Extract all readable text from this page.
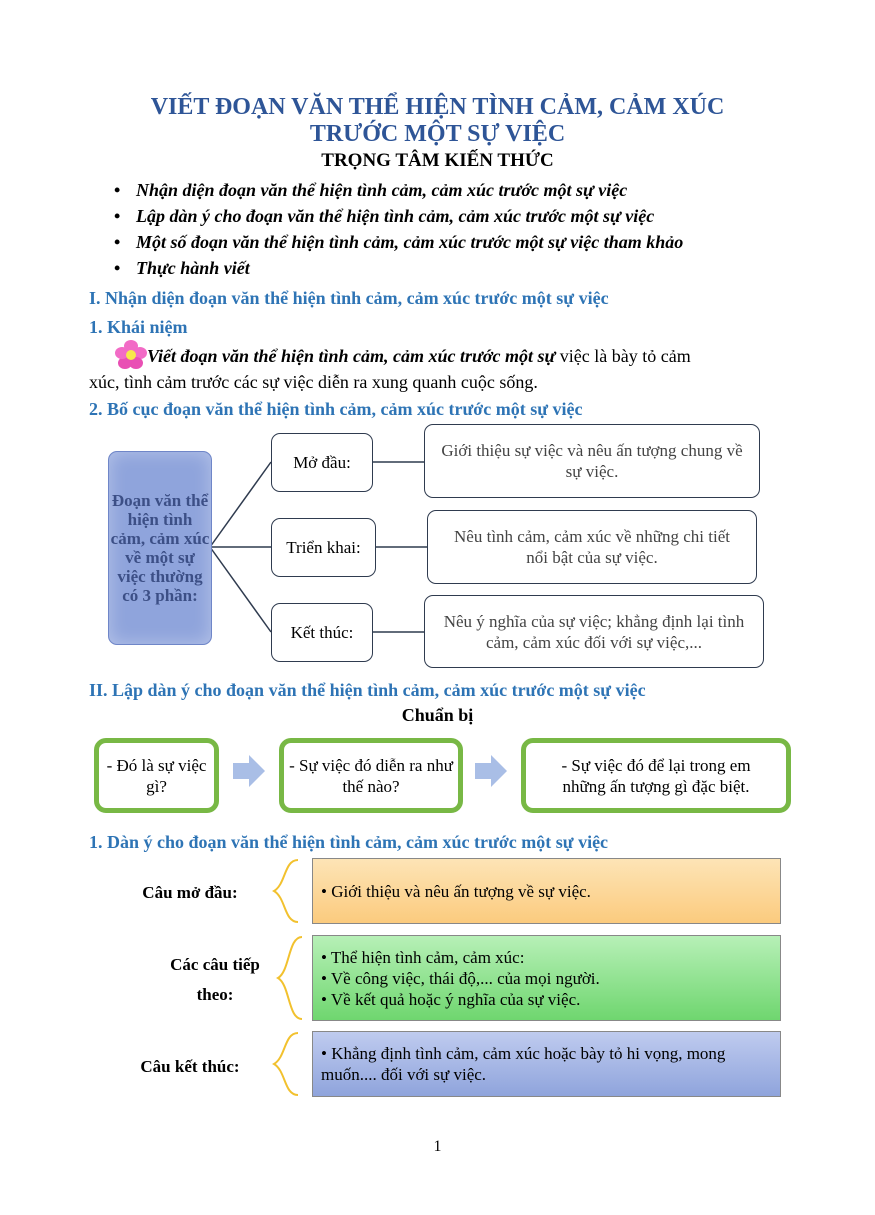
VIẾT ĐOẠN VĂN THỂ HIỆN TÌNH CẢM, CẢM XÚC
TRƯỚC MỘT SỰ VIỆC
TRỌNG TÂM KIẾN THỨC
• Nhận diện đoạn văn thể hiện tình cảm, cảm xúc trước một sự việc
• Lập dàn ý cho đoạn văn thể hiện tình cảm, cảm xúc trước một sự việc
• Một số đoạn văn thể hiện tình cảm, cảm xúc trước một sự việc tham khảo
• Thực hành viết
I. Nhận diện đoạn văn thể hiện tình cảm, cảm xúc trước một sự việc
1. Khái niệm
Viết đoạn văn thể hiện tình cảm, cảm xúc trước một sự việc là bày tỏ cảm
xúc, tình cảm trước các sự việc diễn ra xung quanh cuộc sống.
2. Bố cục đoạn văn thể hiện tình cảm, cảm xúc trước một sự việc
Đoạn văn thể hiện tình cảm, cảm xúc về một sự việc thường có 3 phần:
Mở đầu:
Triển khai:
Kết thúc:
Giới thiệu sự việc và nêu ấn tượng chung về sự việc.
Nêu tình cảm, cảm xúc về những chi tiết nổi bật của sự việc.
Nêu ý nghĩa của sự việc; khẳng định lại tình cảm, cảm xúc đối với sự việc,...
II. Lập dàn ý cho đoạn văn thể hiện tình cảm, cảm xúc trước một sự việc
Chuẩn bị
- Đó là sự việc gì?
- Sự việc đó diễn ra như thế nào?
- Sự việc đó để lại trong em những ấn tượng gì đặc biệt.
1. Dàn ý cho đoạn văn thể hiện tình cảm, cảm xúc trước một sự việc
Câu mở đầu:	• Giới thiệu và nêu ấn tượng về sự việc.
Các câu tiếp theo:
• Thể hiện tình cảm, cảm xúc:
• Về công việc, thái độ,... của mọi người.
• Về kết quả hoặc ý nghĩa của sự việc.
Câu kết thúc:
• Khẳng định tình cảm, cảm xúc hoặc bày tỏ hi vọng, mong muốn.... đối với sự việc.
1
